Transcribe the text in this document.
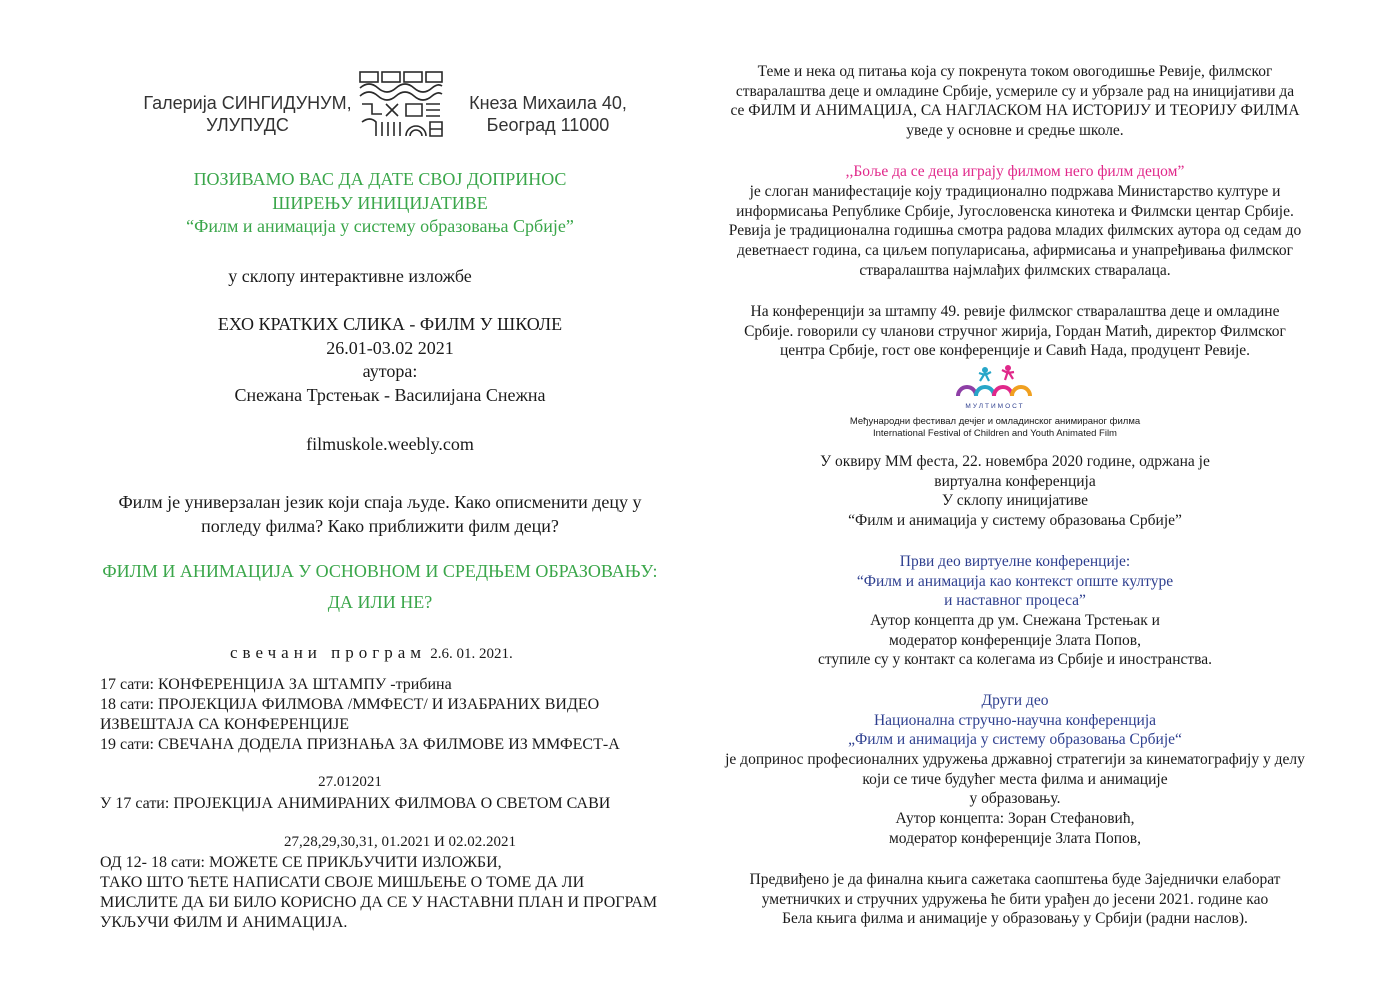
Галерија СИНГИДУНУМ,
УЛУПУДС
Кнеза Михаила 40,
Београд 11000
ПОЗИВАМО ВАС ДА ДАТЕ СВОЈ ДОПРИНОС
ШИРЕЊУ ИНИЦИЈАТИВЕ
“Филм и анимација у систему образовања Србије”
у склопу интерактивне изложбе
ЕХО КРАТКИХ СЛИКА - ФИЛМ У ШКОЛЕ
26.01-03.02 2021
аутора:
Снежана Трстењак - Василијана Снежна
filmuskole.weebly.com
Филм је универзалан језик који спаја људе. Како описменити децу у
погледу филма? Како приближити филм деци?
ФИЛМ И АНИМАЦИЈА У ОСНОВНОМ И СРЕДЊЕМ ОБРАЗОВАЊУ:
ДА ИЛИ НЕ?
свечани програм 2.6. 01. 2021.
17 сати: КОНФЕРЕНЦИЈА ЗА ШТАМПУ -трибина
18 сати: ПРОЈЕКЦИЈА ФИЛМОВА /ММФЕСТ/ И ИЗАБРАНИХ ВИДЕО
ИЗВЕШТАЈА СА КОНФЕРЕНЦИЈЕ
19 сати: СВЕЧАНА ДОДЕЛА ПРИЗНАЊА ЗА ФИЛМОВЕ ИЗ ММФЕСТ-А
27.012021
У 17 сати: ПРОЈЕКЦИЈА АНИМИРАНИХ ФИЛМОВА О СВЕТОМ САВИ
27,28,29,30,31, 01.2021 И 02.02.2021
ОД 12- 18 сати: МОЖЕТЕ СЕ ПРИКЉУЧИТИ ИЗЛОЖБИ,
ТАКО ШТО ЋЕТЕ НАПИСАТИ СВОЈЕ МИШЉЕЊЕ О ТОМЕ ДА ЛИ
МИСЛИТЕ ДА БИ БИЛО КОРИСНО ДА СЕ У НАСТАВНИ ПЛАН И ПРОГРАМ
УКЉУЧИ ФИЛМ И АНИМАЦИЈА.
Теме и нека од питања која су покренута током овогодишње Ревије, филмског
стваралаштва деце и омладине Србије, усмериле су и убрзале рад на иницијативи да
се ФИЛМ И АНИМАЦИЈА, СА НАГЛАСКОМ НА ИСТОРИЈУ И ТЕОРИЈУ ФИЛМА
уведе у основне и средње школе.
,,Боље да се деца играју филмом него филм децом”
је слоган манифестације коју традиционално подржава Министарство културе и
информисања Републике Србије, Југословенска кинотека и Филмски центар Србије.
Ревија је традиционална годишња смотра радова младих филмских аутора од седам до
деветнаест година, са циљем популарисања, афирмисања и унапређивања филмског
стваралаштва најмлађих филмских стваралаца.
На конференцији за штампу 49. ревије филмског стваралаштва деце и омладине
Србије. говорили су чланови стручног жирија, Гордан Матић, директор Филмског
центра Србије, гост ове конференције и Савић Нада, продуцент Ревије.
МУЛТИМОСТ
Међународни фестивал дечјег и омладинског анимираног филма
International Festival of Children and Youth Animated Film
У оквиру ММ феста, 22. новембра 2020 године, одржана је
виртуална конференција
У склопу иницијативе
“Филм и анимација у систему образовања Србије”
Први део виртуелне конференције:
“Филм и анимација као контекст опште културе
и наставног процеса”
Аутор концепта др ум. Снежана Трстењак и
модератор конференције Злата Попов,
ступиле су у контакт са колегама из Србије и иностранства.
Други део
Национална стручно-научна конференција
„Филм и анимација у систему образовања Србије“
је допринос професионалних удружења државној стратегији за кинематографију у делу
који се тиче будућег места филма и анимације
у образовању.
Аутор концепта: Зоран Стефановић,
модератор конференције Злата Попов,
Предвиђено је да финална књига сажетака саопштења буде Заједнички елаборат
уметничких и стручних удружења ће бити урађен до јесени 2021. године као
Бела књига филма и анимације у образовању у Србији (радни наслов).
